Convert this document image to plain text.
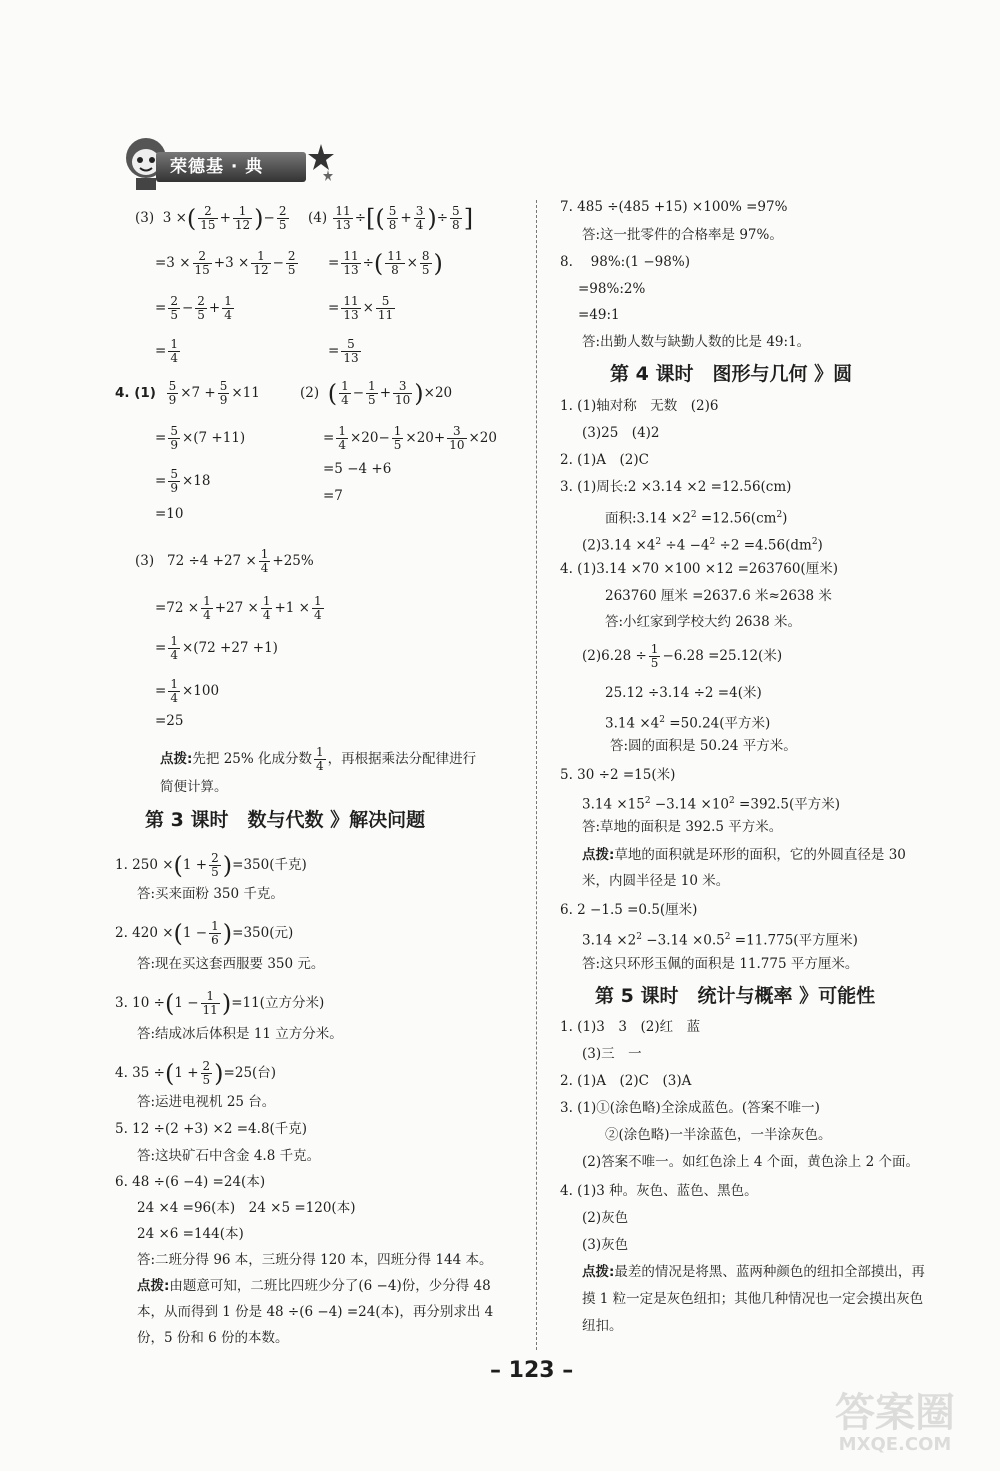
荣德基 · 典
(3) 3 ×( $\frac{2}{15} + \frac{1}{12}$ )− $\frac{2}{5}$
$=3 \times \frac{2}{15} +3 \times \frac{1}{12} - \frac{2}{5}$
= $\frac{2}{5} - \frac{2}{5} + \frac{1}{4}$
= $\frac{1}{4}$
$(4) \frac{11}{13}$ ÷[( $\frac{5}{8} + \frac{3}{4}$ )÷ $\frac{5}{8}$ ]
= $\frac{11}{13}$ ÷( $\frac{11}{8} \times \frac{8}{5}$ )
= $\frac{11}{13} \times \frac{5}{11}$
= $\frac{5}{13}$
4. $(1) \frac{5}{9} \times 7 + \frac{5}{9} \times 11$
= $\frac{5}{9} \times(7 +11)$
= $\frac{5}{9} \times 18$
=10
(2) ( $\frac{1}{4} - \frac{1}{5} + \frac{3}{10} )\times 20$
= $\frac{1}{4} \times 20- \frac{1}{5} \times 20+ \frac{3}{10} \times 20$
=5 −4 +6
=7
(3) $72 \div 4 +27 \times \frac{1}{4} +25\%$
$=72 \times \frac{1}{4} +27 \times \frac{1}{4} +1 \times \frac{1}{4}$
= $\frac{1}{4} \times(72 +27 +1)$
= $\frac{1}{4} \times 100$
=25
点拨:先把 25% 化成分数 $\frac{1}{4}$ ，再根据乘法分配律进行
简便计算。
第 3 课时　数与代数 》解决问题
1. $250 \times(1 + \frac{2}{5} )=350$(千克)
答:买来面粉 350 千克。
2. $420 \times(1 - \frac{1}{6} )=350$(元)
答:现在买这套西服要 350 元。
3. $10 \div(1 - \frac{1}{11} )=11$(立方分米)
答:结成冰后体积是 11 立方分米。
4. $35 \div(1 + \frac{2}{5} )=25$(台)
答:运进电视机 25 台。
5. 12 ÷(2 +3) ×2 =4.8(千克)
答:这块矿石中含金 4.8 千克。
6. 48 ÷(6 −4) =24(本)
24 ×4 =96(本)　24 ×5 =120(本)
24 ×6 =144(本)
答:二班分得 96 本，三班分得 120 本，四班分得 144 本。
点拨:由题意可知，二班比四班少分了(6 −4)份，少分得 48
本，从而得到 1 份是 48 ÷(6 −4) =24(本)，再分别求出 4
份，5 份和 6 份的本数。
7. 485 ÷(485 +15) ×100% =97%
答:这一批零件的合格率是 97%。
8.　 98%:(1 −98%)
=98%:2%
=49:1
答:出勤人数与缺勤人数的比是 49:1。
第 4 课时　图形与几何 》圆
1. (1)轴对称　无数　(2)6
(3)25　(4)2
2. (1)A　(2)C
3. (1)周长:2 ×3.14 ×2 =12.56(cm)
面积:3.14 $\times 2^2 =12.56(cm^2)$
$(2)3.14 \times 4^2 \div 4 -4^2 \div 2 =4.56(dm^2)$
4. (1)3.14 ×70 ×100 ×12 =263760(厘米)
263760 厘米 =2637.6 米≈2638 米
答:小红家到学校大约 2638 米。
$(2)6.28 \div \frac{1}{5} -6.28 =25.12$(米)
25.12 ÷3.14 ÷2 =4(米)
$3.14 \times 4^2 =50.24$(平方米)
答:圆的面积是 50.24 平方米。
5. 30 ÷2 =15(米)
$3.14 \times 15^2 -3.14 \times 10^2 =392.5$(平方米)
答:草地的面积是 392.5 平方米。
点拨:草地的面积就是环形的面积，它的外圆直径是 30
米，内圆半径是 10 米。
6. 2 −1.5 =0.5(厘米)
$3.14 \times 2^2 -3.14 \times 0.5^2 =11.775$(平方厘米)
答:这只环形玉佩的面积是 11.775 平方厘米。
第 5 课时　统计与概率 》可能性
1. (1)3　3　(2)红　蓝
(3)三　一
2. (1)A　(2)C　(3)A
3. (1)①(涂色略)全涂成蓝色。(答案不唯一)
②(涂色略)一半涂蓝色，一半涂灰色。
(2)答案不唯一。如红色涂上 4 个面，黄色涂上 2 个面。
4. (1)3 种。灰色、蓝色、黑色。
(2)灰色
(3)灰色
点拨:最差的情况是将黑、蓝两种颜色的纽扣全部摸出，再
摸 1 粒一定是灰色纽扣；其他几种情况也一定会摸出灰色
纽扣。
– 123 –
答案圈
MXQE.COM
